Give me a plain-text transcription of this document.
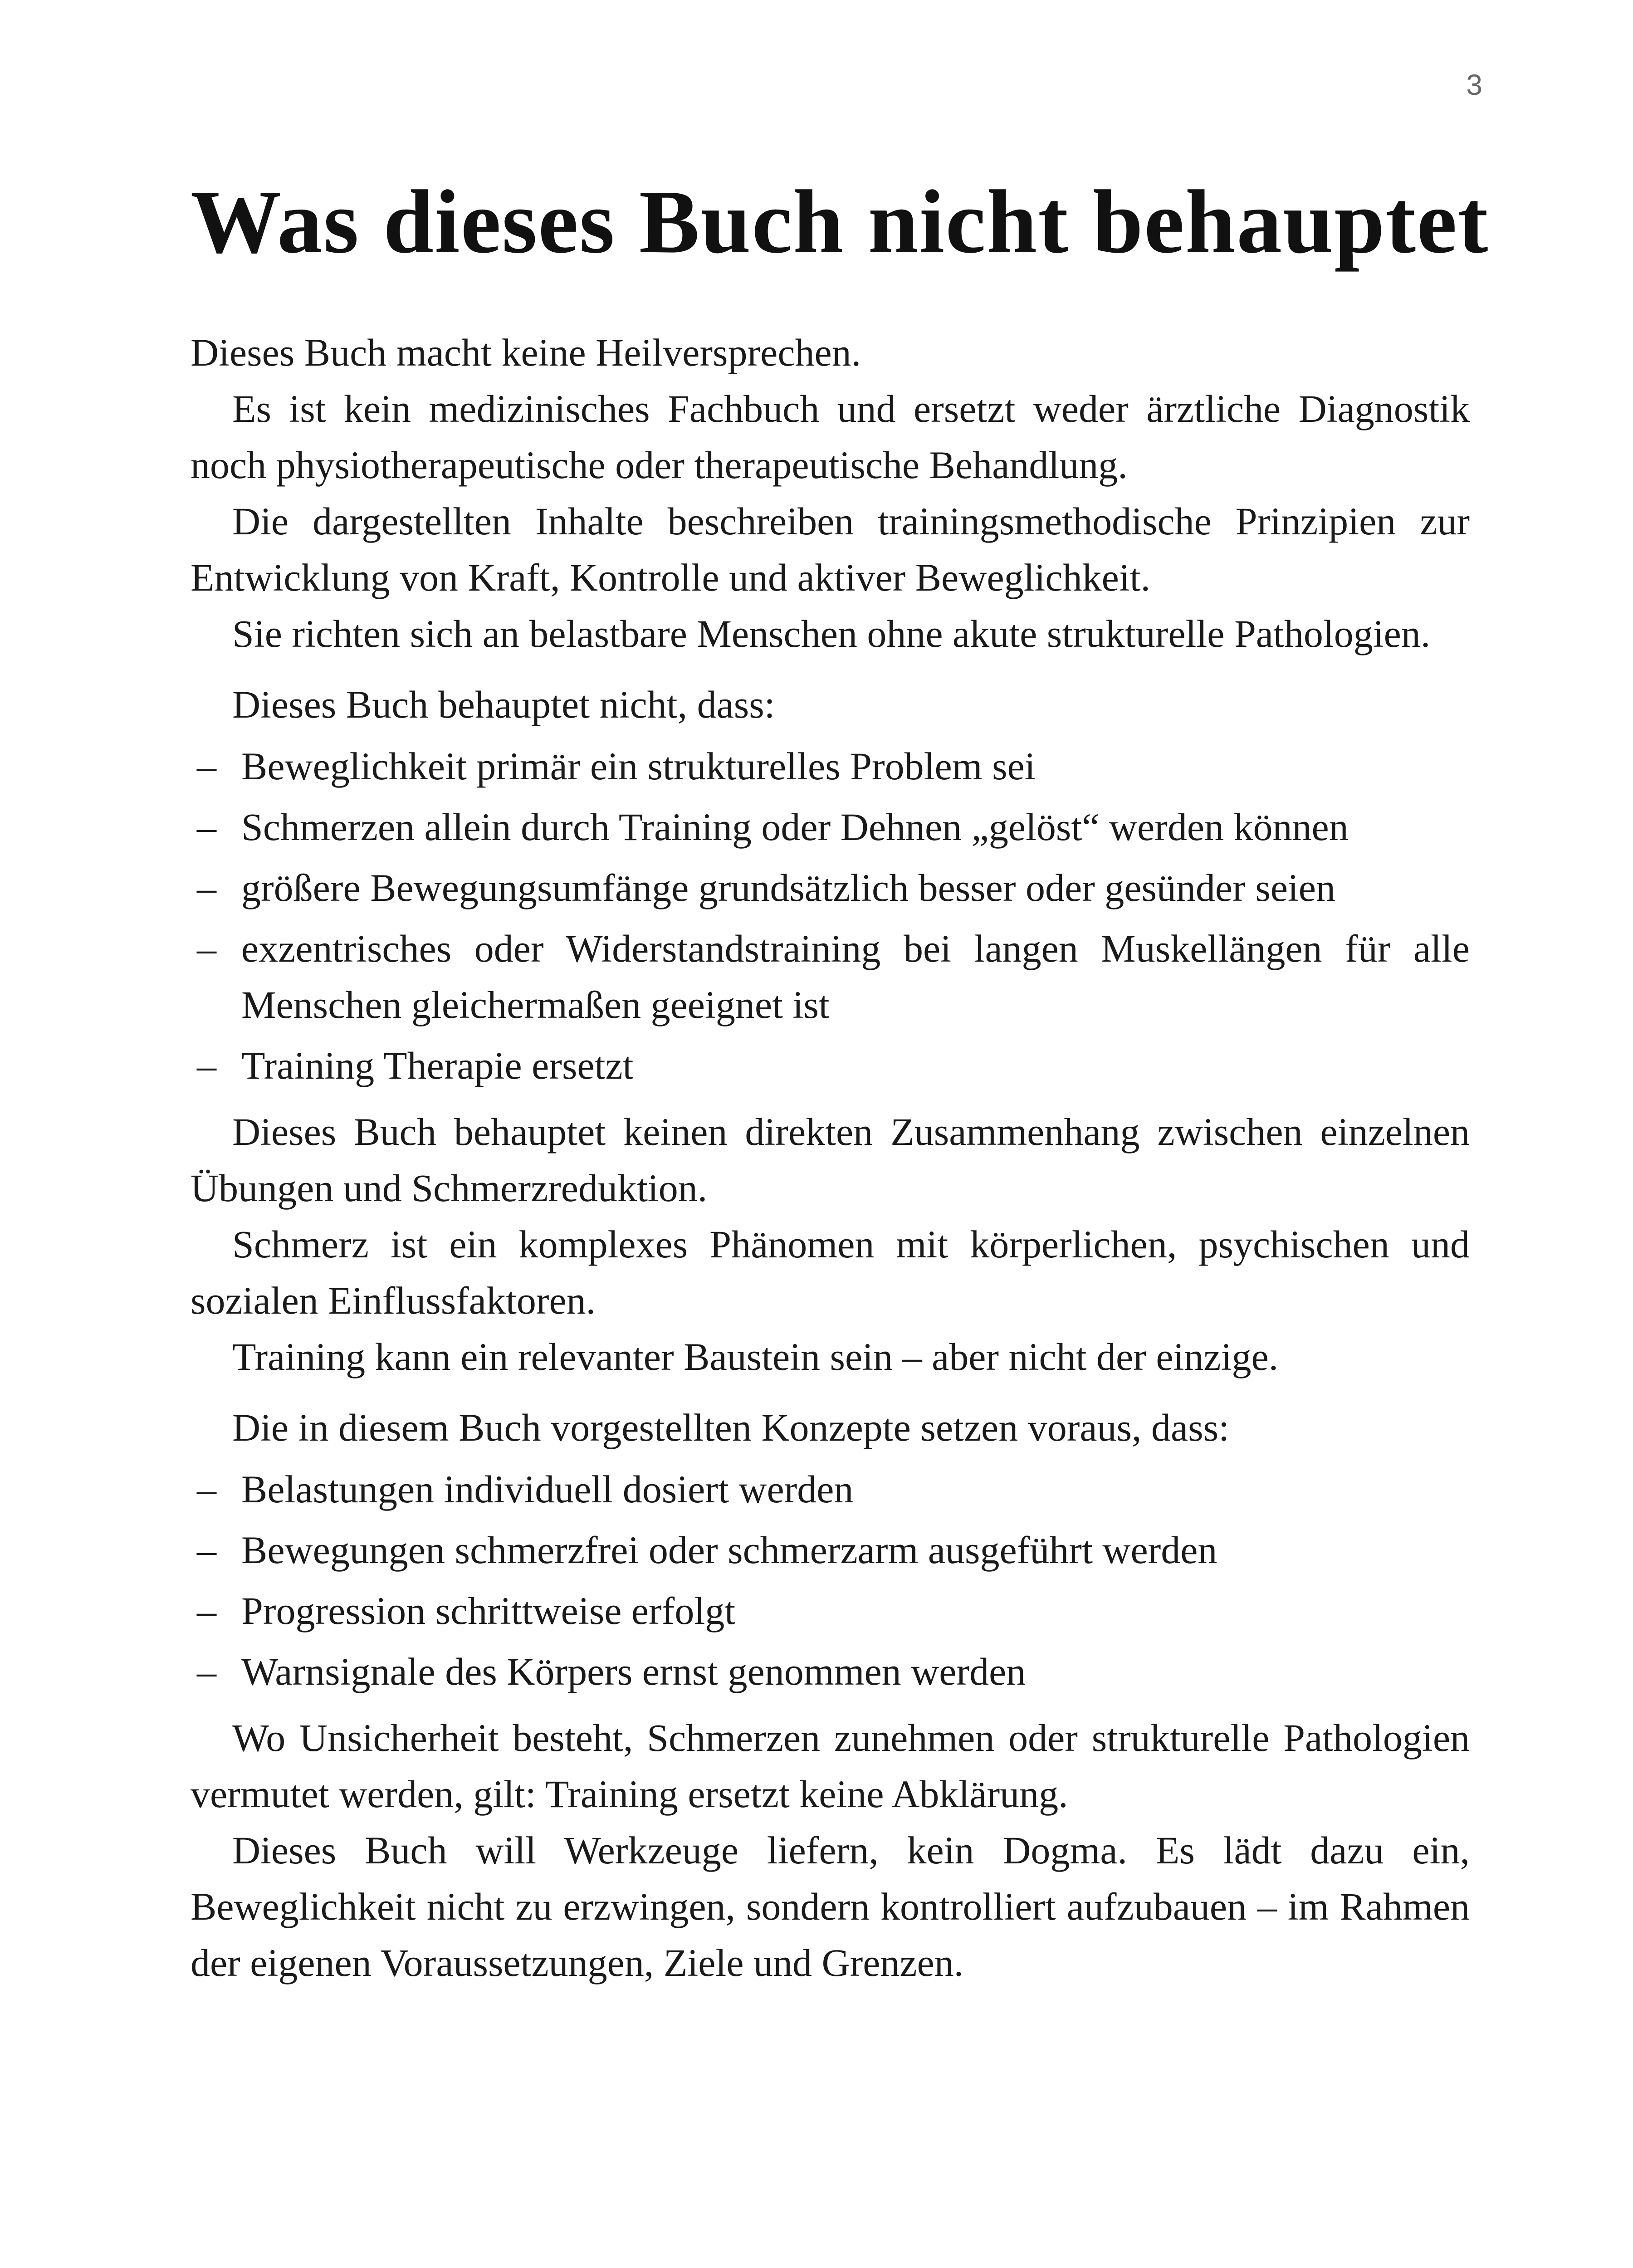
3
Was dieses Buch nicht behauptet

Dieses Buch macht keine Heilversprechen.

Es ist kein medizinisches Fachbuch und ersetzt weder ärztliche Diagnostik noch physiotherapeutische oder therapeutische Behandlung.

Die dargestellten Inhalte beschreiben trainingsmethodische Prinzipien zur Entwicklung von Kraft, Kontrolle und aktiver Beweglichkeit.

Sie richten sich an belastbare Menschen ohne akute strukturelle Pathologien.

Dieses Buch behauptet nicht, dass:

– Beweglichkeit primär ein strukturelles Problem sei
– Schmerzen allein durch Training oder Dehnen „gelöst“ werden können
– größere Bewegungsumfänge grundsätzlich besser oder gesünder seien
– exzentrisches oder Widerstandstraining bei langen Muskellängen für alle Menschen gleichermaßen geeignet ist
– Training Therapie ersetzt

Dieses Buch behauptet keinen direkten Zusammenhang zwischen einzelnen Übungen und Schmerzreduktion.

Schmerz ist ein komplexes Phänomen mit körperlichen, psychischen und sozialen Einflussfaktoren.

Training kann ein relevanter Baustein sein – aber nicht der einzige.

Die in diesem Buch vorgestellten Konzepte setzen voraus, dass:

– Belastungen individuell dosiert werden
– Bewegungen schmerzfrei oder schmerzarm ausgeführt werden
– Progression schrittweise erfolgt
– Warnsignale des Körpers ernst genommen werden

Wo Unsicherheit besteht, Schmerzen zunehmen oder strukturelle Pathologien vermutet werden, gilt: Training ersetzt keine Abklärung.

Dieses Buch will Werkzeuge liefern, kein Dogma. Es lädt dazu ein, Beweglichkeit nicht zu erzwingen, sondern kontrolliert aufzubauen – im Rahmen der eigenen Voraussetzungen, Ziele und Grenzen.
